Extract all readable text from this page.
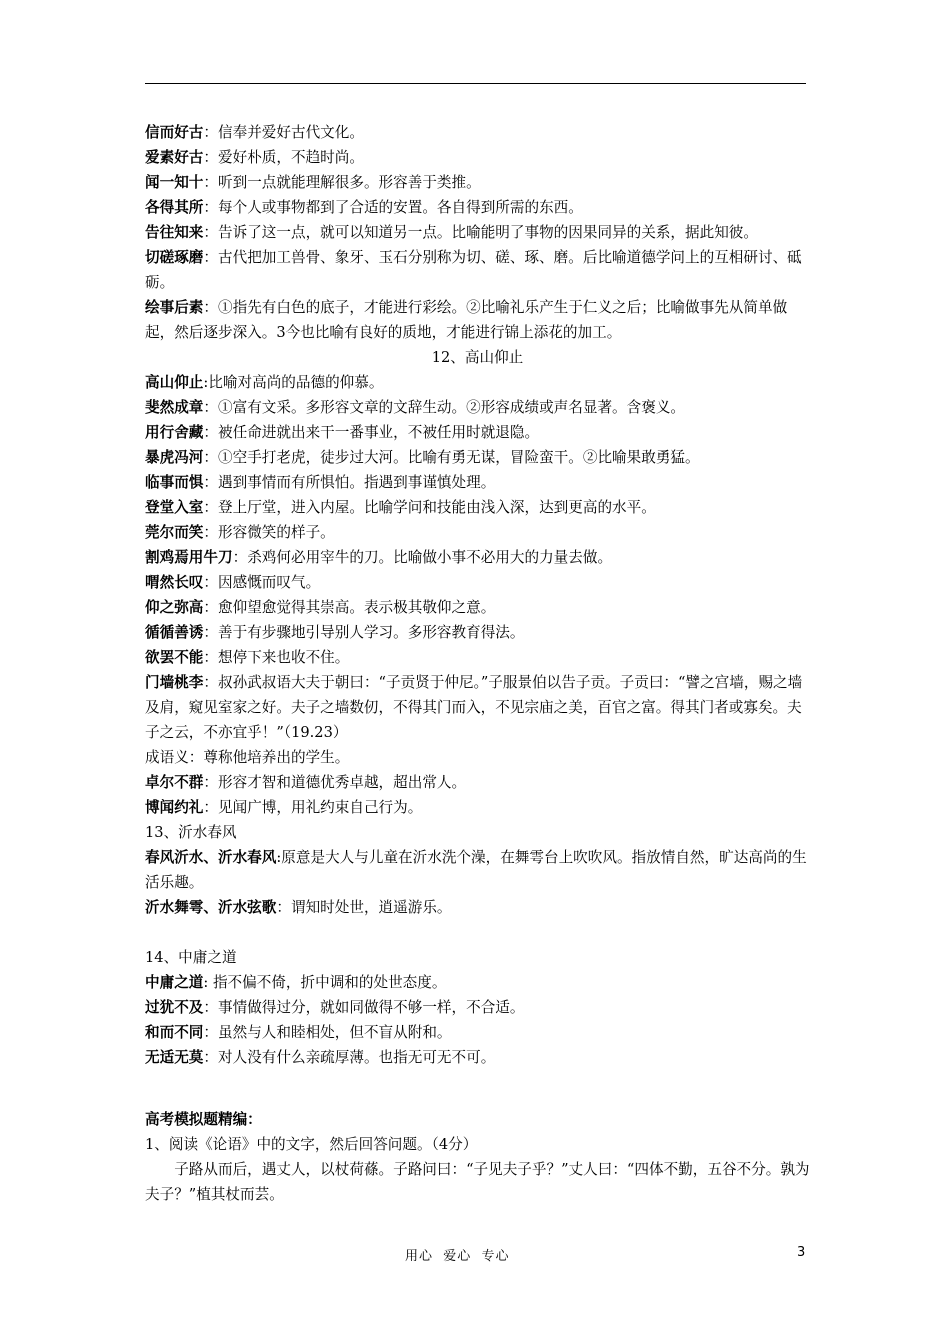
信而好古：信奉并爱好古代文化。

爱素好古：爱好朴质，不趋时尚。

闻一知十：听到一点就能理解很多。形容善于类推。

各得其所：每个人或事物都到了合适的安置。各自得到所需的东西。

告往知来：告诉了这一点，就可以知道另一点。比喻能明了事物的因果同异的关系，据此知彼。

切磋琢磨：古代把加工兽骨、象牙、玉石分别称为切、磋、琢、磨。后比喻道德学问上的互相研讨、砥砺。

绘事后素：①指先有白色的底子，才能进行彩绘。②比喻礼乐产生于仁义之后；比喻做事先从简单做起，然后逐步深入。3今也比喻有良好的质地，才能进行锦上添花的加工。

12、高山仰止

高山仰止:比喻对高尚的品德的仰慕。

斐然成章：①富有文采。多形容文章的文辞生动。②形容成绩或声名显著。含褒义。

用行舍藏：被任命进就出来干一番事业，不被任用时就退隐。

暴虎冯河：①空手打老虎，徒步过大河。比喻有勇无谋，冒险蛮干。②比喻果敢勇猛。

临事而惧：遇到事情而有所惧怕。指遇到事谨慎处理。

登堂入室：登上厅堂，进入内屋。比喻学问和技能由浅入深，达到更高的水平。

莞尔而笑：形容微笑的样子。

割鸡焉用牛刀：杀鸡何必用宰牛的刀。比喻做小事不必用大的力量去做。

喟然长叹：因感慨而叹气。

仰之弥高：愈仰望愈觉得其崇高。表示极其敬仰之意。

循循善诱：善于有步骤地引导别人学习。多形容教育得法。

欲罢不能：想停下来也收不住。

门墙桃李：叔孙武叔语大夫于朝曰：“子贡贤于仲尼。”子服景伯以告子贡。子贡曰：“譬之宫墙，赐之墙及肩，窥见室家之好。夫子之墙数仞，不得其门而入，不见宗庙之美，百官之富。得其门者或寡矣。夫子之云，不亦宜乎！”（19.23）

成语义：尊称他培养出的学生。

卓尔不群：形容才智和道德优秀卓越，超出常人。

博闻约礼：见闻广博，用礼约束自己行为。

13、沂水春风

春风沂水、沂水春风:原意是大人与儿童在沂水洗个澡，在舞雩台上吹吹风。指放情自然，旷达高尚的生活乐趣。

沂水舞雩、沂水弦歌：谓知时处世，逍遥游乐。

14、中庸之道

中庸之道: 指不偏不倚，折中调和的处世态度。

过犹不及：事情做得过分，就如同做得不够一样，不合适。

和而不同：虽然与人和睦相处，但不盲从附和。

无适无莫：对人没有什么亲疏厚薄。也指无可无不可。

高考模拟题精编：

1、阅读《论语》中的文字，然后回答问题。（4分）

子路从而后，遇丈人，以杖荷蓧。子路问曰：“子见夫子乎？”丈人曰：“四体不勤，五谷不分。孰为夫子？”植其杖而芸。

用心  爱心  专心	3
